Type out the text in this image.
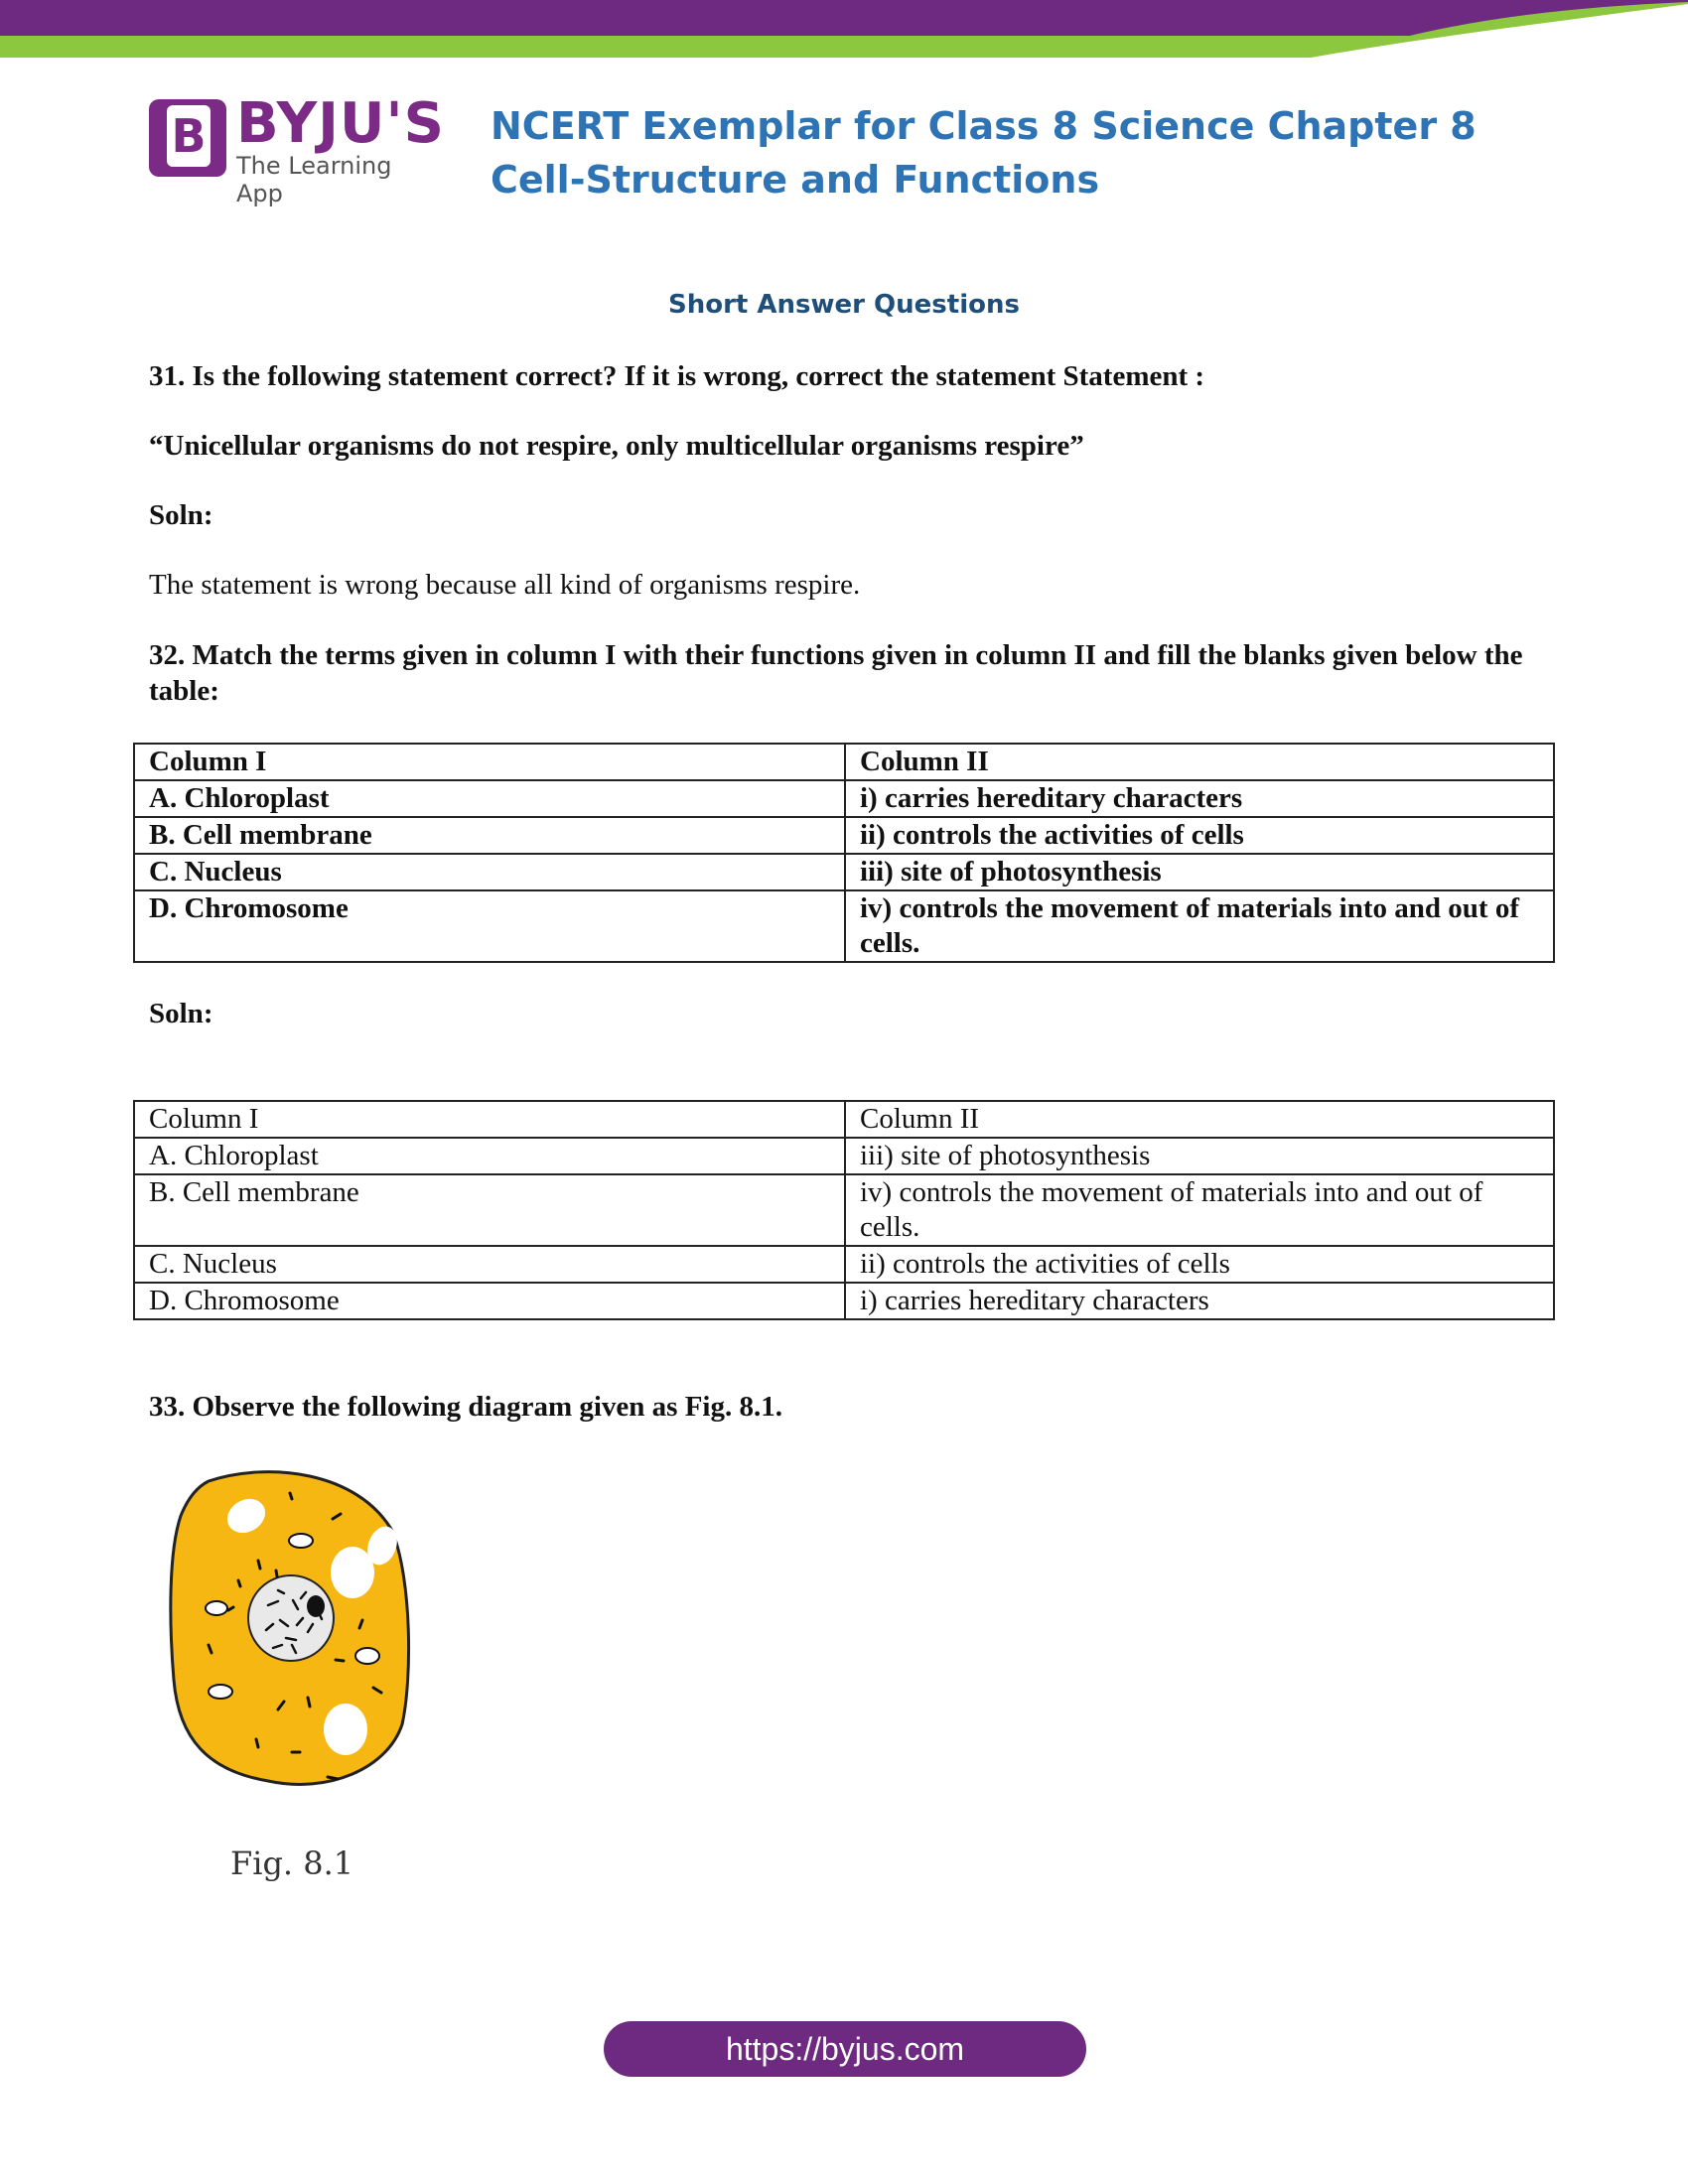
B BYJU'S
The Learning App
NCERT Exemplar for Class 8 Science Chapter 8 Cell-Structure and Functions
Short Answer Questions
31. Is the following statement correct? If it is wrong, correct the statement Statement :
“Unicellular organisms do not respire, only multicellular organisms respire”
Soln:
The statement is wrong because all kind of organisms respire.
32. Match the terms given in column I with their functions given in column II and fill the blanks given below the table:
Column I	Column II
A. Chloroplast	i) carries hereditary characters
B. Cell membrane	ii) controls the activities of cells
C. Nucleus	iii) site of photosynthesis
D. Chromosome	iv) controls the movement of materials into and out of cells.
Soln:
Column I	Column II
A. Chloroplast	iii) site of photosynthesis
B. Cell membrane	iv) controls the movement of materials into and out of cells.
C. Nucleus	ii) controls the activities of cells
D. Chromosome	i) carries hereditary characters
33. Observe the following diagram given as Fig. 8.1.
Fig. 8.1
https://byjus.com
